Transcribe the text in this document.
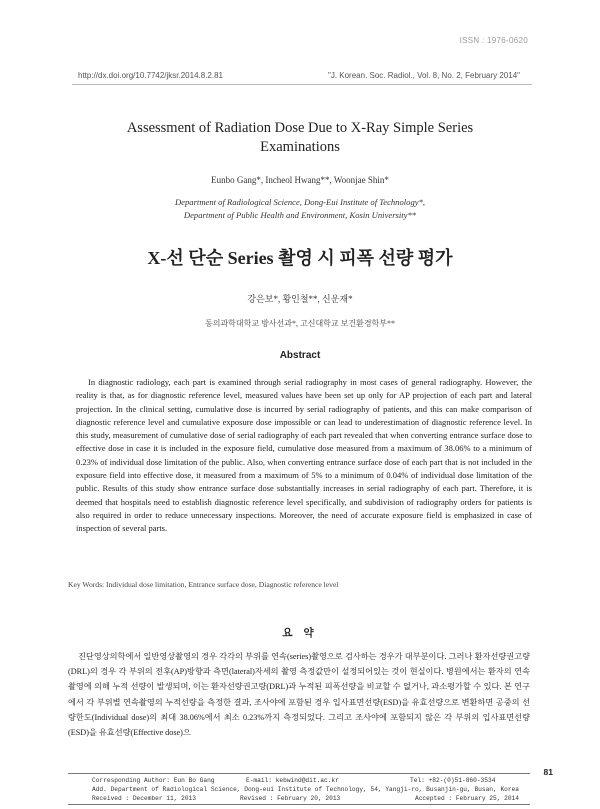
ISSN : 1976-0620
http://dx.doi.org/10.7742/jksr.2014.8.2.81	"J. Korean. Soc. Radiol., Vol. 8, No. 2, February 2014"
Assessment of Radiation Dose Due to X-Ray Simple Series Examinations
Eunbo Gang*, Incheol Hwang**, Woonjae Shin*
Department of Radiological Science, Dong-Eui Institute of Technology*,
Department of Public Health and Environment, Kosin University**
X-선 단순 Series 촬영 시 피폭 선량 평가
강은보*, 황인철**, 신운재*
동의과학대학교 방사선과*, 고신대학교 보건환경학부**
Abstract
In diagnostic radiology, each part is examined through serial radiography in most cases of general radiography. However, the reality is that, as for diagnostic reference level, measured values have been set up only for AP projection of each part and lateral projection. In the clinical setting, cumulative dose is incurred by serial radiography of patients, and this can make comparison of diagnostic reference level and cumulative exposure dose impossible or can lead to underestimation of diagnostic reference level. In this study, measurement of cumulative dose of serial radiography of each part revealed that when converting entrance surface dose to effective dose in case it is included in the exposure field, cumulative dose measured from a maximum of 38.06% to a minimum of 0.23% of individual dose limitation of the public. Also, when converting entrance surface dose of each part that is not included in the exposure field into effective dose, it measured from a maximum of 5% to a minimum of 0.04% of individual dose limitation of the public. Results of this study show entrance surface dose substantially increases in serial radiography of each part. Therefore, it is deemed that hospitals need to establish diagnostic reference level specifically, and subdivision of radiography orders for patients is also required in order to reduce unnecessary inspections. Moreover, the need of accurate exposure field is emphasized in case of inspection of several parts.
Key Words: Individual dose limitation, Entrance surface dose, Diagnostic reference level
요 약
진단영상의학에서 일반영상촬영의 경우 각각의 부위를 연속(series)촬영으로 검사하는 경우가 대부분이다. 그러나 환자선량권고량(DRL)의 경우 각 부위의 전후(AP)방향과 측면(lateral)자세의 촬영 측정값만이 설정되어있는 것이 현실이다. 병원에서는 환자의 연속 촬영에 의해 누적 선량이 발생되며, 이는 환자선량권고량(DRL)과 누적된 피폭선량을 비교할 수 없거나, 과소평가할 수 있다. 본 연구에서 각 부위별 연속촬영의 누적선량을 측정한 결과, 조사야에 포함된 경우 입사표면선량(ESD)을 유효선량으로 변환하면 공중의 선량한도(Individual dose)의 최대 38.06%에서 최소 0.23%까지 측정되었다. 그리고 조사야에 포함되지 않은 각 부위의 입사표면선량(ESD)을 유효선량(Effective dose)으
Corresponding Author: Eun Bo Gang	E-mail: kebwind@dit.ac.kr	Tel: +82-(0)51-860-3534
Add. Department of Radiological Science, Dong-eui Institute of Technology, 54, Yangji-ro, Busanjin-gu, Busan, Korea
Received : December 11, 2013	Revised : February 20, 2013	Accepted : February 25, 2014
81
